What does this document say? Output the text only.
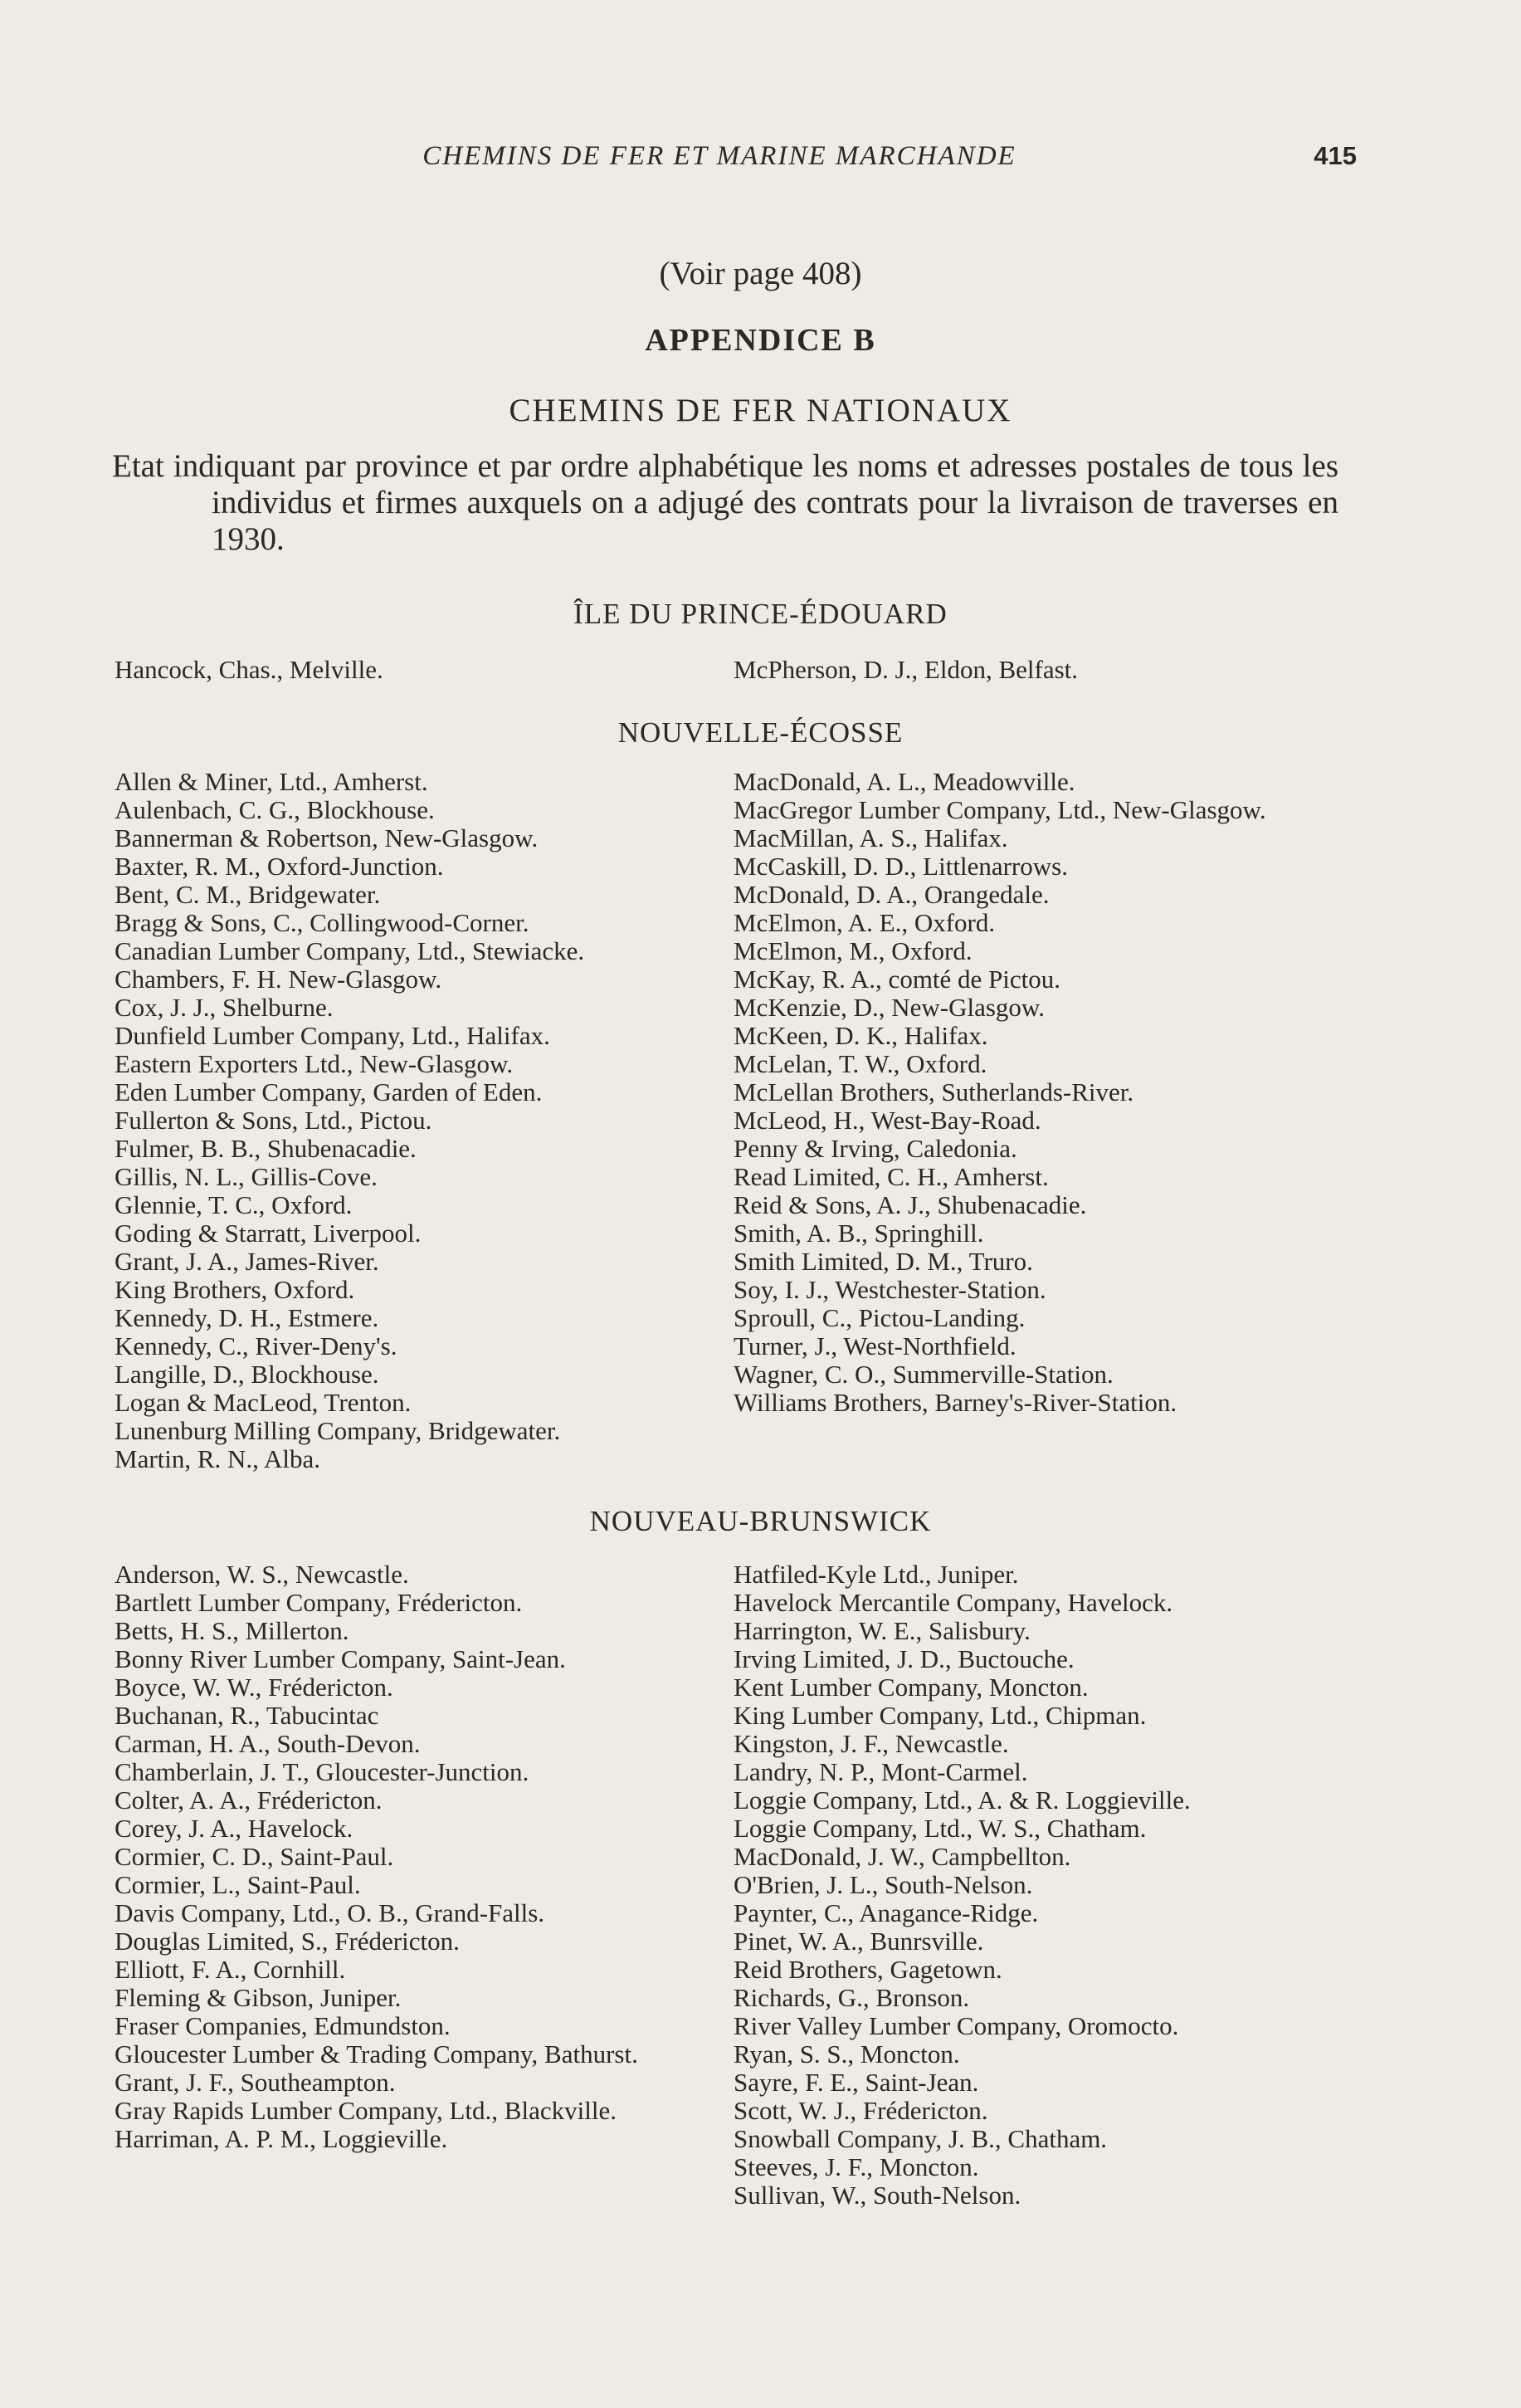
CHEMINS DE FER ET MARINE MARCHANDE	415
(Voir page 408)
APPENDICE B
CHEMINS DE FER NATIONAUX
Etat indiquant par province et par ordre alphabétique les noms et adresses postales de tous les individus et firmes auxquels on a adjugé des contrats pour la livraison de traverses en 1930.
ÎLE DU PRINCE-ÉDOUARD
Hancock, Chas., Melville.	McPherson, D. J., Eldon, Belfast.
NOUVELLE-ÉCOSSE
Allen & Miner, Ltd., Amherst.
Aulenbach, C. G., Blockhouse.
Bannerman & Robertson, New-Glasgow.
Baxter, R. M., Oxford-Junction.
Bent, C. M., Bridgewater.
Bragg & Sons, C., Collingwood-Corner.
Canadian Lumber Company, Ltd., Stewiacke.
Chambers, F. H. New-Glasgow.
Cox, J. J., Shelburne.
Dunfield Lumber Company, Ltd., Halifax.
Eastern Exporters Ltd., New-Glasgow.
Eden Lumber Company, Garden of Eden.
Fullerton & Sons, Ltd., Pictou.
Fulmer, B. B., Shubenacadie.
Gillis, N. L., Gillis-Cove.
Glennie, T. C., Oxford.
Goding & Starratt, Liverpool.
Grant, J. A., James-River.
King Brothers, Oxford.
Kennedy, D. H., Estmere.
Kennedy, C., River-Deny's.
Langille, D., Blockhouse.
Logan & MacLeod, Trenton.
Lunenburg Milling Company, Bridgewater.
Martin, R. N., Alba.
MacDonald, A. L., Meadowville.
MacGregor Lumber Company, Ltd., New-Glasgow.
MacMillan, A. S., Halifax.
McCaskill, D. D., Littlenarrows.
McDonald, D. A., Orangedale.
McElmon, A. E., Oxford.
McElmon, M., Oxford.
McKay, R. A., comté de Pictou.
McKenzie, D., New-Glasgow.
McKeen, D. K., Halifax.
McLelan, T. W., Oxford.
McLellan Brothers, Sutherlands-River.
McLeod, H., West-Bay-Road.
Penny & Irving, Caledonia.
Read Limited, C. H., Amherst.
Reid & Sons, A. J., Shubenacadie.
Smith, A. B., Springhill.
Smith Limited, D. M., Truro.
Soy, I. J., Westchester-Station.
Sproull, C., Pictou-Landing.
Turner, J., West-Northfield.
Wagner, C. O., Summerville-Station.
Williams Brothers, Barney's-River-Station.
NOUVEAU-BRUNSWICK
Anderson, W. S., Newcastle.
Bartlett Lumber Company, Frédericton.
Betts, H. S., Millerton.
Bonny River Lumber Company, Saint-Jean.
Boyce, W. W., Frédericton.
Buchanan, R., Tabucintac
Carman, H. A., South-Devon.
Chamberlain, J. T., Gloucester-Junction.
Colter, A. A., Frédericton.
Corey, J. A., Havelock.
Cormier, C. D., Saint-Paul.
Cormier, L., Saint-Paul.
Davis Company, Ltd., O. B., Grand-Falls.
Douglas Limited, S., Frédericton.
Elliott, F. A., Cornhill.
Fleming & Gibson, Juniper.
Fraser Companies, Edmundston.
Gloucester Lumber & Trading Company, Bathurst.
Grant, J. F., Southeampton.
Gray Rapids Lumber Company, Ltd., Blackville.
Harriman, A. P. M., Loggieville.
Hatfiled-Kyle Ltd., Juniper.
Havelock Mercantile Company, Havelock.
Harrington, W. E., Salisbury.
Irving Limited, J. D., Buctouche.
Kent Lumber Company, Moncton.
King Lumber Company, Ltd., Chipman.
Kingston, J. F., Newcastle.
Landry, N. P., Mont-Carmel.
Loggie Company, Ltd., A. & R. Loggieville.
Loggie Company, Ltd., W. S., Chatham.
MacDonald, J. W., Campbellton.
O'Brien, J. L., South-Nelson.
Paynter, C., Anagance-Ridge.
Pinet, W. A., Bunrsville.
Reid Brothers, Gagetown.
Richards, G., Bronson.
River Valley Lumber Company, Oromocto.
Ryan, S. S., Moncton.
Sayre, F. E., Saint-Jean.
Scott, W. J., Frédericton.
Snowball Company, J. B., Chatham.
Steeves, J. F., Moncton.
Sullivan, W., South-Nelson.
